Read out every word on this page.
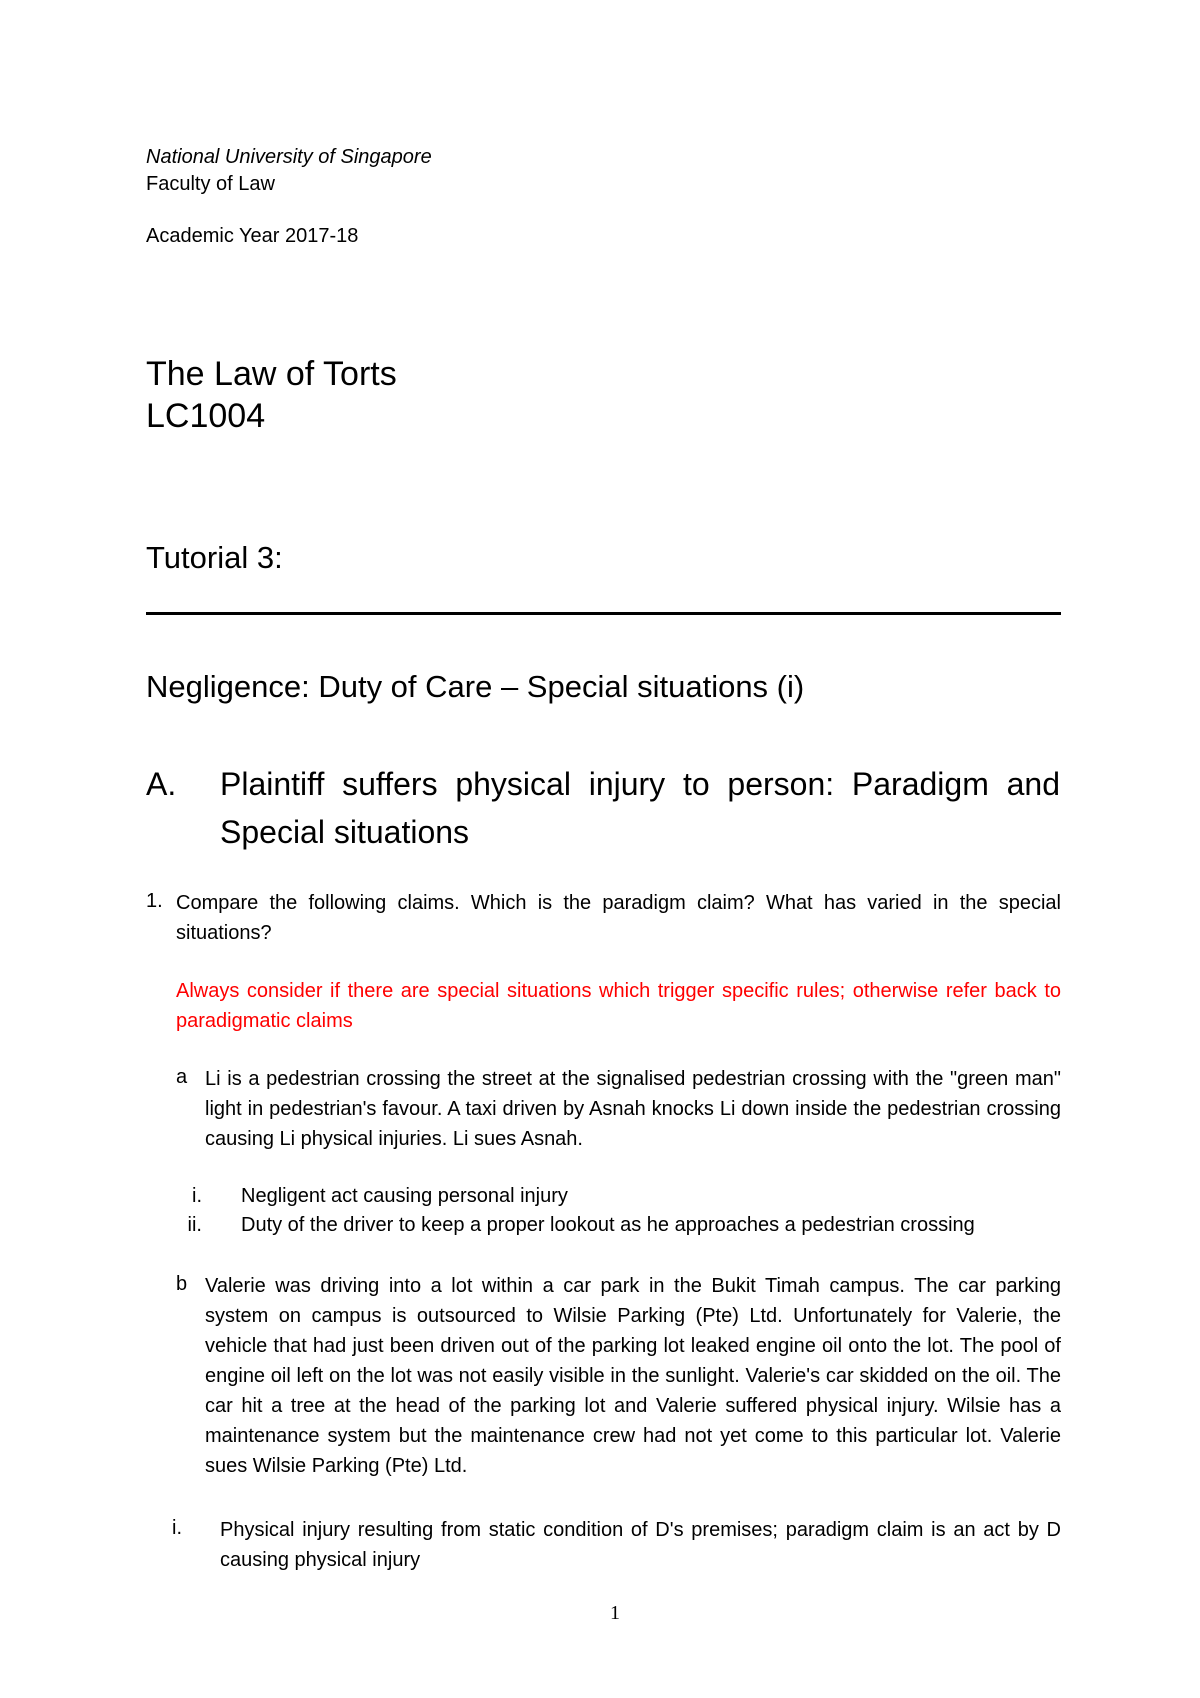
National University of Singapore

Faculty of Law

Academic Year 2017-18

The Law of Torts

LC1004

Tutorial 3:

Negligence: Duty of Care – Special situations (i)

A. Plaintiff suffers physical injury to person: Paradigm and Special situations

1. Compare the following claims. Which is the paradigm claim? What has varied in the special situations?

Always consider if there are special situations which trigger specific rules; otherwise refer back to paradigmatic claims

a Li is a pedestrian crossing the street at the signalised pedestrian crossing with the "green man" light in pedestrian's favour. A taxi driven by Asnah knocks Li down inside the pedestrian crossing causing Li physical injuries. Li sues Asnah.

i. Negligent act causing personal injury

ii. Duty of the driver to keep a proper lookout as he approaches a pedestrian crossing

b Valerie was driving into a lot within a car park in the Bukit Timah campus. The car parking system on campus is outsourced to Wilsie Parking (Pte) Ltd. Unfortunately for Valerie, the vehicle that had just been driven out of the parking lot leaked engine oil onto the lot. The pool of engine oil left on the lot was not easily visible in the sunlight. Valerie's car skidded on the oil. The car hit a tree at the head of the parking lot and Valerie suffered physical injury. Wilsie has a maintenance system but the maintenance crew had not yet come to this particular lot. Valerie sues Wilsie Parking (Pte) Ltd.

i. Physical injury resulting from static condition of D's premises; paradigm claim is an act by D causing physical injury

1
